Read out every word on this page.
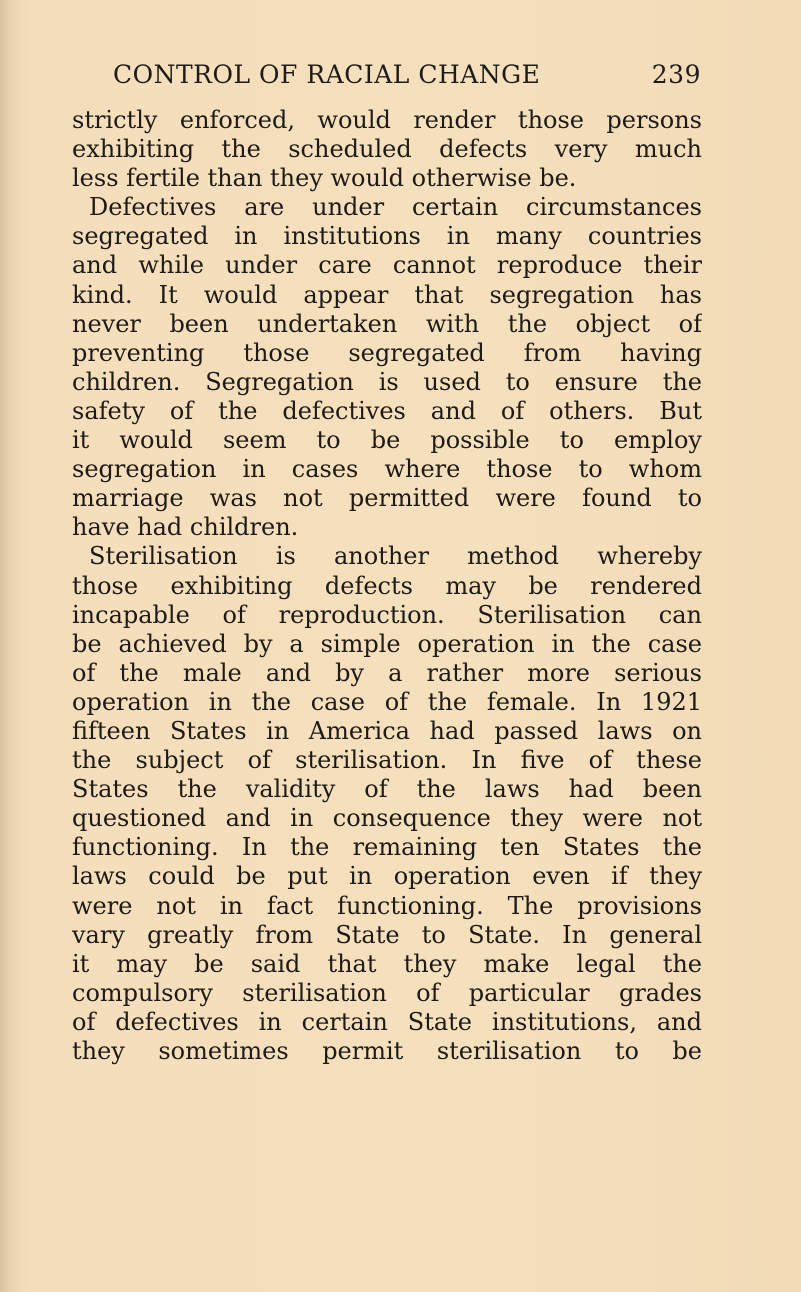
CONTROL OF RACIAL CHANGE	239
strictly enforced, would render those persons
exhibiting the scheduled defects very much
less fertile than they would otherwise be.
Defectives are under certain circumstances
segregated in institutions in many countries
and while under care cannot reproduce their
kind. It would appear that segregation has
never been undertaken with the object of
preventing those segregated from having
children. Segregation is used to ensure the
safety of the defectives and of others. But
it would seem to be possible to employ
segregation in cases where those to whom
marriage was not permitted were found to
have had children.
Sterilisation is another method whereby
those exhibiting defects may be rendered
incapable of reproduction. Sterilisation can
be achieved by a simple operation in the case
of the male and by a rather more serious
operation in the case of the female. In 1921
fifteen States in America had passed laws on
the subject of sterilisation. In five of these
States the validity of the laws had been
questioned and in consequence they were not
functioning. In the remaining ten States the
laws could be put in operation even if they
were not in fact functioning. The provisions
vary greatly from State to State. In general
it may be said that they make legal the
compulsory sterilisation of particular grades
of defectives in certain State institutions, and
they sometimes permit sterilisation to be
